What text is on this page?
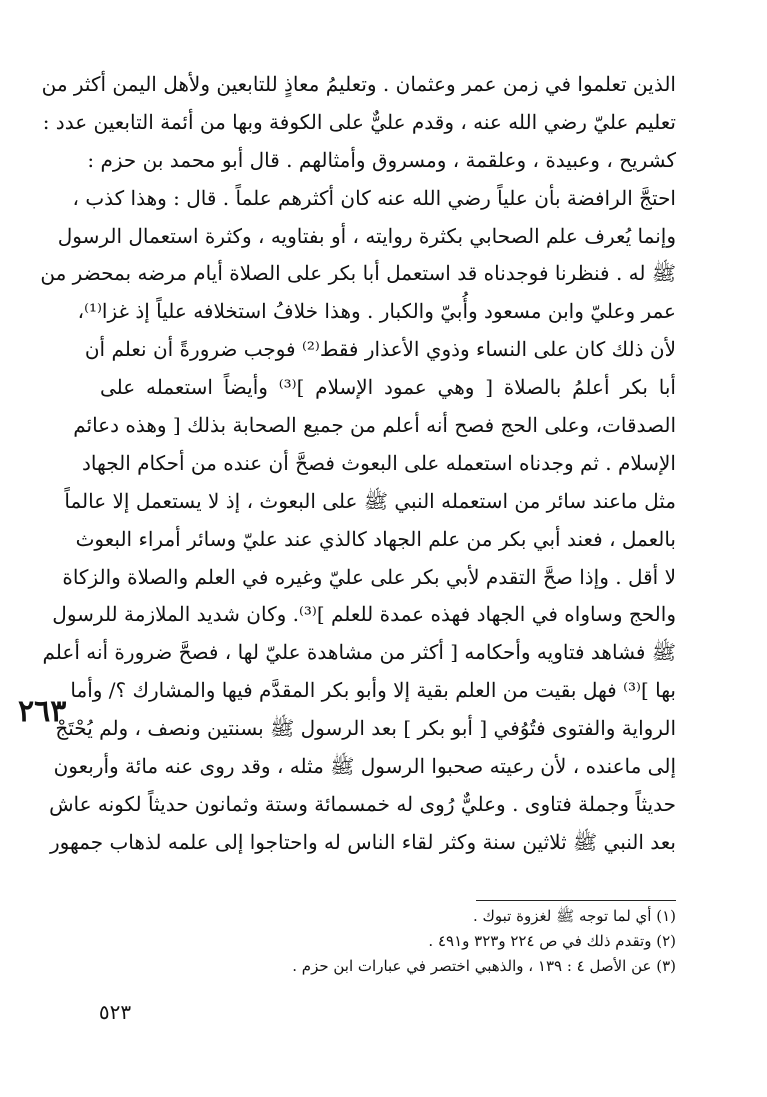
الذين تعلموا في زمن عمر وعثمان . وتعليمُ معاذٍ للتابعين ولأهل اليمن أكثر من
تعليم عليّ رضي الله عنه ، وقدم عليٌّ على الكوفة وبها من أئمة التابعين عدد :
كشريح ، وعبيدة ، وعلقمة ، ومسروق وأمثالهم . قال أبو محمد بن حزم :
احتجَّ الرافضة بأن علياً رضي الله عنه كان أكثرهم علماً . قال : وهذا كذب ،
وإنما يُعرف علم الصحابي بكثرة روايته ، أو بفتاويه ، وكثرة استعمال الرسول
ﷺ له . فنظرنا فوجدناه قد استعمل أبا بكر على الصلاة أيام مرضه بمحضر من
عمر وعليّ وابن مسعود وأُبيّ والكبار . وهذا خلافُ استخلافه علياً إذ غزا⁽¹⁾،
لأن ذلك كان على النساء وذوي الأعذار فقط⁽²⁾ فوجب ضرورةً أن نعلم أن
أبا بكر أعلمُ بالصلاة [ وهي عمود الإسلام ]⁽³⁾ وأيضاً استعمله على
الصدقات، وعلى الحج فصح أنه أعلم من جميع الصحابة بذلك [ وهذه دعائم
الإسلام . ثم وجدناه استعمله على البعوث فصحَّ أن عنده من أحكام الجهاد
مثل ماعند سائر من استعمله النبي ﷺ على البعوث ، إذ لا يستعمل إلا عالماً
بالعمل ، فعند أبي بكر من علم الجهاد كالذي عند عليّ وسائر أمراء البعوث
لا أقل . وإذا صحَّ التقدم لأبي بكر على عليّ وغيره في العلم والصلاة والزكاة
والحج وساواه في الجهاد فهذه عمدة للعلم ]⁽³⁾. وكان شديد الملازمة للرسول
ﷺ فشاهد فتاويه وأحكامه [ أكثر من مشاهدة عليّ لها ، فصحَّ ضرورة أنه أعلم
بها ]⁽³⁾ فهل بقيت من العلم بقية إلا وأبو بكر المقدَّم فيها والمشارك ؟/ وأما
الرواية والفتوى فتُوُفي [ أبو بكر ] بعد الرسول ﷺ بسنتين ونصف ، ولم يُحْتَجْ
إلى ماعنده ، لأن رعيته صحبوا الرسول ﷺ مثله ، وقد روى عنه مائة وأربعون
حديثاً وجملة فتاوى . وعليٌّ رُوى له خمسمائة وستة وثمانون حديثاً لكونه عاش
بعد النبي ﷺ ثلاثين سنة وكثر لقاء الناس له واحتاجوا إلى علمه لذهاب جمهور
٢٦٣
(١) أي لما توجه ﷺ لغزوة تبوك .
(٢) وتقدم ذلك في ص ٢٢٤ و٣٢٣ و٤٩١ .
(٣) عن الأصل ٤ : ١٣٩ ، والذهبي اختصر في عبارات ابن حزم .
٥٢٣
